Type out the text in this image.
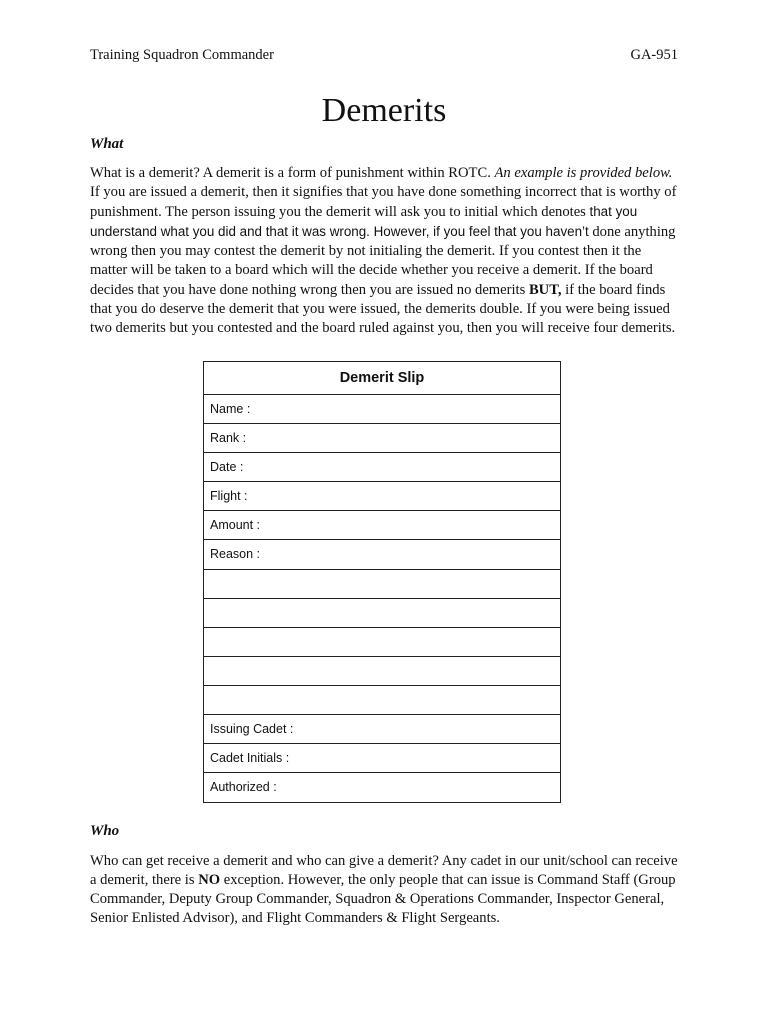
Training Squadron Commander	GA-951
Demerits
What
What is a demerit? A demerit is a form of punishment within ROTC. An example is provided below. If you are issued a demerit, then it signifies that you have done something incorrect that is worthy of punishment. The person issuing you the demerit will ask you to initial which denotes that you understand what you did and that it was wrong. However, if you feel that you haven’t done anything wrong then you may contest the demerit by not initialing the demerit. If you contest then it the matter will be taken to a board which will the decide whether you receive a demerit. If the board decides that you have done nothing wrong then you are issued no demerits BUT, if the board finds that you do deserve the demerit that you were issued, the demerits double. If you were being issued two demerits but you contested and the board ruled against you, then you will receive four demerits.
Demerit Slip
Name :
Rank :
Date :
Flight :
Amount :
Reason :
Issuing Cadet :
Cadet Initials :
Authorized :
Who
Who can get receive a demerit and who can give a demerit? Any cadet in our unit/school can receive a demerit, there is NO exception. However, the only people that can issue is Command Staff (Group Commander, Deputy Group Commander, Squadron & Operations Commander, Inspector General, Senior Enlisted Advisor), and Flight Commanders & Flight Sergeants.
